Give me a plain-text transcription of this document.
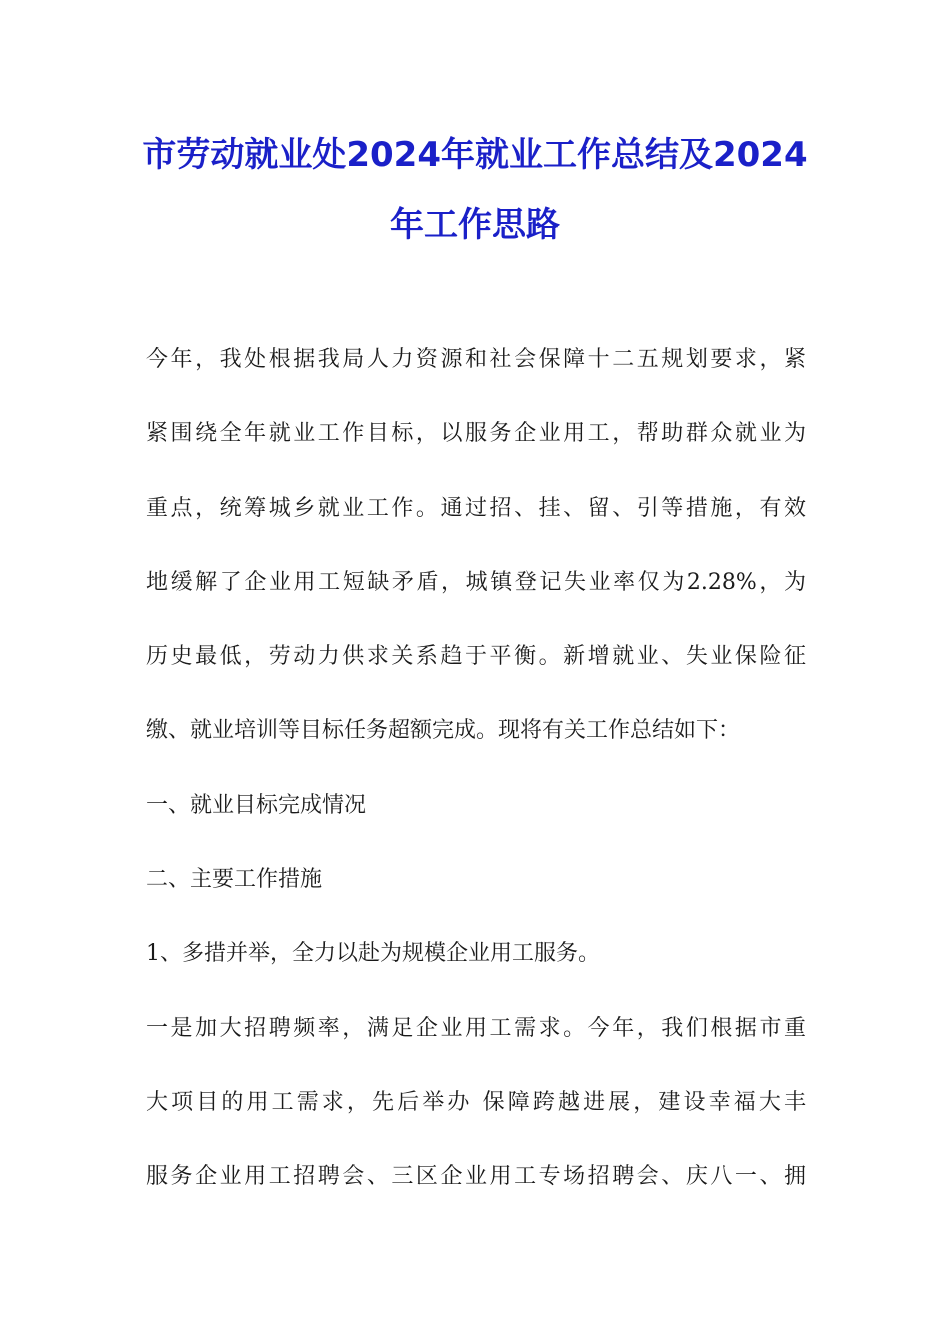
市劳动就业处2024年就业工作总结及2024
年工作思路
今年，我处根据我局人力资源和社会保障十二五规划要求，紧
紧围绕全年就业工作目标，以服务企业用工，帮助群众就业为
重点，统筹城乡就业工作。通过招、挂、留、引等措施，有效
地缓解了企业用工短缺矛盾，城镇登记失业率仅为2.28%，为
历史最低，劳动力供求关系趋于平衡。新增就业、失业保险征
缴、就业培训等目标任务超额完成。现将有关工作总结如下：
一、就业目标完成情况
二、主要工作措施
1、多措并举，全力以赴为规模企业用工服务。
一是加大招聘频率，满足企业用工需求。今年，我们根据市重
大项目的用工需求，先后举办 保障跨越进展，建设幸福大丰
服务企业用工招聘会、三区企业用工专场招聘会、庆八一、拥
